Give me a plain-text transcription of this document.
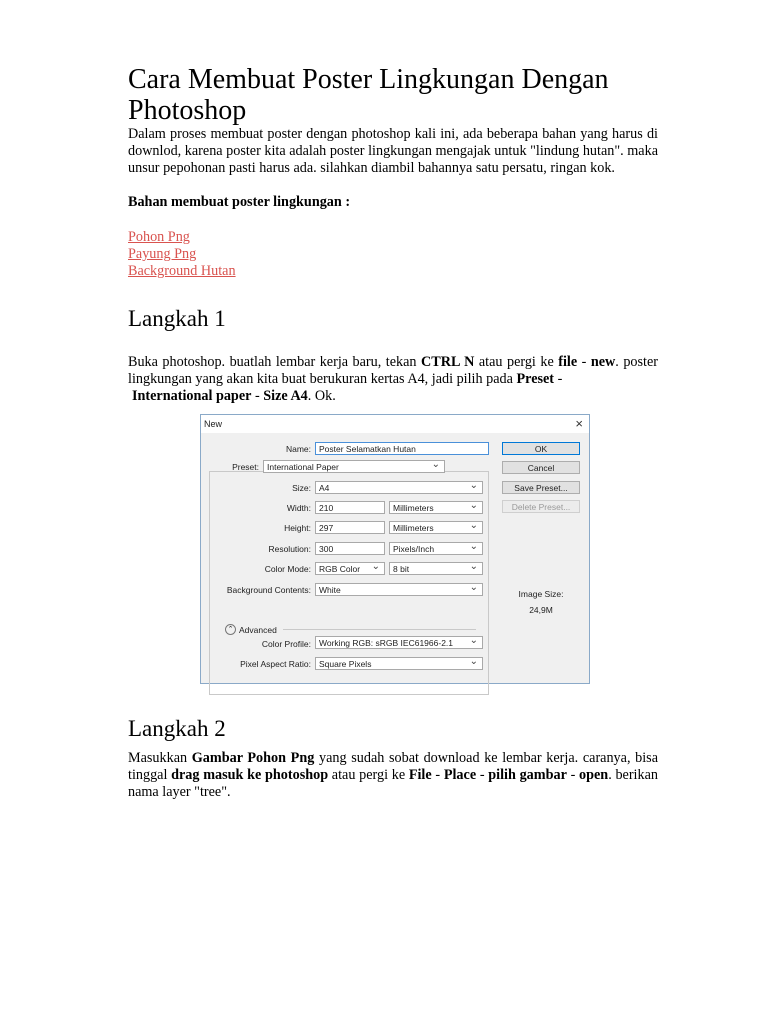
Cara Membuat Poster Lingkungan Dengan Photoshop

Dalam proses membuat poster dengan photoshop kali ini, ada beberapa bahan yang harus di downlod, karena poster kita adalah poster lingkungan mengajak untuk "lindung hutan". maka unsur pepohonan pasti harus ada. silahkan diambil bahannya satu persatu, ringan kok.

Bahan membuat poster lingkungan :

Pohon Png
Payung Png
Background Hutan
Langkah 1

Buka photoshop. buatlah lembar kerja baru, tekan CTRL N atau pergi ke file - new. poster lingkungan yang akan kita buat berukuran kertas A4, jadi pilih pada Preset -
International paper - Size A4. Ok.

New	×
Name: Poster Selamatkan Hutan
Preset: International Paper ⌄
Size: A4 ⌄
Width: 210	Millimeters ⌄
Height: 297	Millimeters ⌄
Resolution: 300	Pixels/Inch ⌄
Color Mode: RGB Color ⌄	8 bit ⌄
Background Contents: White ⌄
⌃ Advanced
Color Profile: Working RGB: sRGB IEC61966-2.1 ⌄
Pixel Aspect Ratio: Square Pixels ⌄
OK
Cancel
Save Preset...
Delete Preset...
Image Size:
24,9M
Langkah 2

Masukkan Gambar Pohon Png yang sudah sobat download ke lembar kerja. caranya, bisa tinggal drag masuk ke photoshop atau pergi ke File - Place - pilih gambar - open. berikan nama layer "tree".
